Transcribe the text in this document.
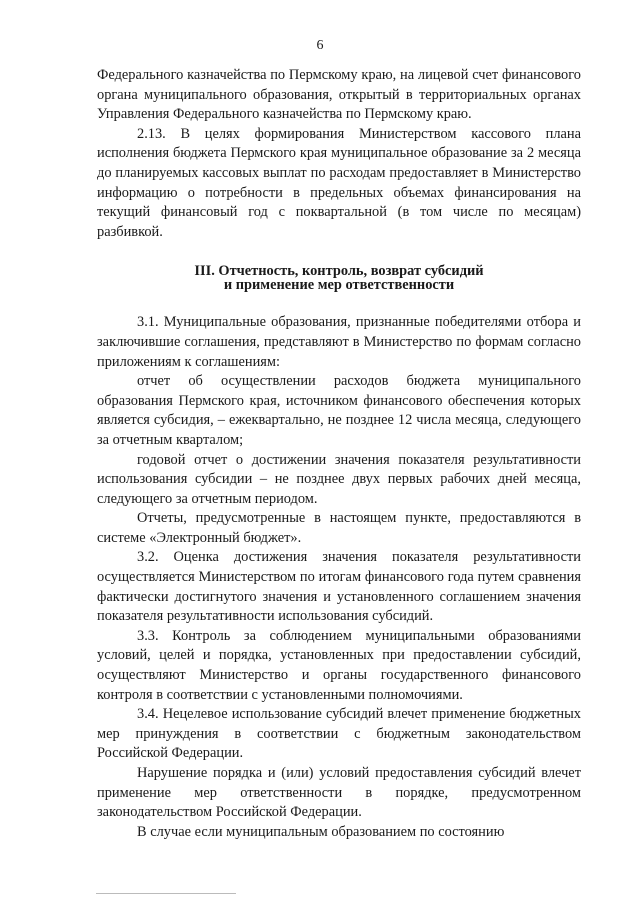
6

Федерального казначейства по Пермскому краю, на лицевой счет финансового органа муниципального образования, открытый в территориальных органах Управления Федерального казначейства по Пермскому краю.

2.13. В целях формирования Министерством кассового плана исполнения бюджета Пермского края муниципальное образование за 2 месяца до планируемых кассовых выплат по расходам предоставляет в Министерство информацию о потребности в предельных объемах финансирования на текущий финансовый год с поквартальной (в том числе по месяцам) разбивкой.

III. Отчетность, контроль, возврат субсидий
и применение мер ответственности

3.1. Муниципальные образования, признанные победителями отбора и заключившие соглашения, представляют в Министерство по формам согласно приложениям к соглашениям:

отчет об осуществлении расходов бюджета муниципального образования Пермского края, источником финансового обеспечения которых является субсидия, – ежеквартально, не позднее 12 числа месяца, следующего за отчетным кварталом;

годовой отчет о достижении значения показателя результативности использования субсидии – не позднее двух первых рабочих дней месяца, следующего за отчетным периодом.

Отчеты, предусмотренные в настоящем пункте, предоставляются в системе «Электронный бюджет».

3.2. Оценка достижения значения показателя результативности осуществляется Министерством по итогам финансового года путем сравнения фактически достигнутого значения и установленного соглашением значения показателя результативности использования субсидий.

3.3. Контроль за соблюдением муниципальными образованиями условий, целей и порядка, установленных при предоставлении субсидий, осуществляют Министерство и органы государственного финансового контроля в соответствии с установленными полномочиями.

3.4. Нецелевое использование субсидий влечет применение бюджетных мер принуждения в соответствии с бюджетным законодательством Российской Федерации.

Нарушение порядка и (или) условий предоставления субсидий влечет применение мер ответственности в порядке, предусмотренном законодательством Российской Федерации.

В случае если муниципальным образованием по состоянию
